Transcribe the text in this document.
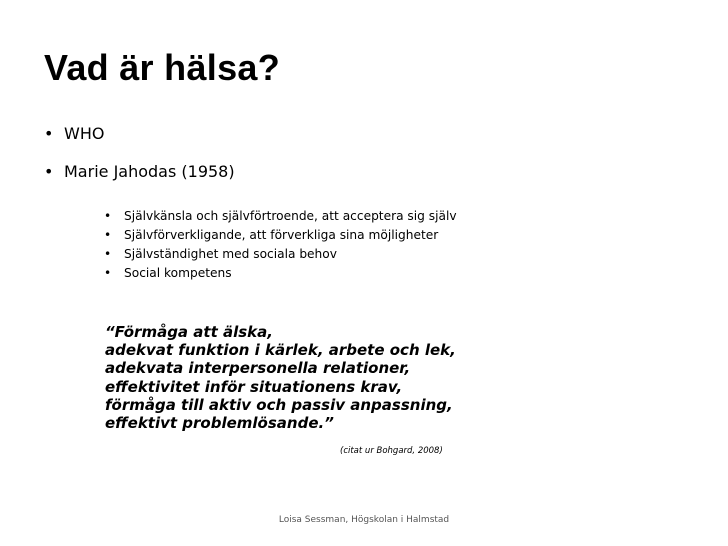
Vad är hälsa?
• WHO
• Marie Jahodas (1958)
• Självkänsla och självförtroende, att acceptera sig själv
• Självförverkligande, att förverkliga sina möjligheter
• Självständighet med sociala behov
• Social kompetens
“Förmåga att älska,
adekvat funktion i kärlek, arbete och lek,
adekvata interpersonella relationer,
effektivitet inför situationens krav,
förmåga till aktiv och passiv anpassning,
effektivt problemlösande.”
(citat ur Bohgard, 2008)
Loisa Sessman, Högskolan i Halmstad
